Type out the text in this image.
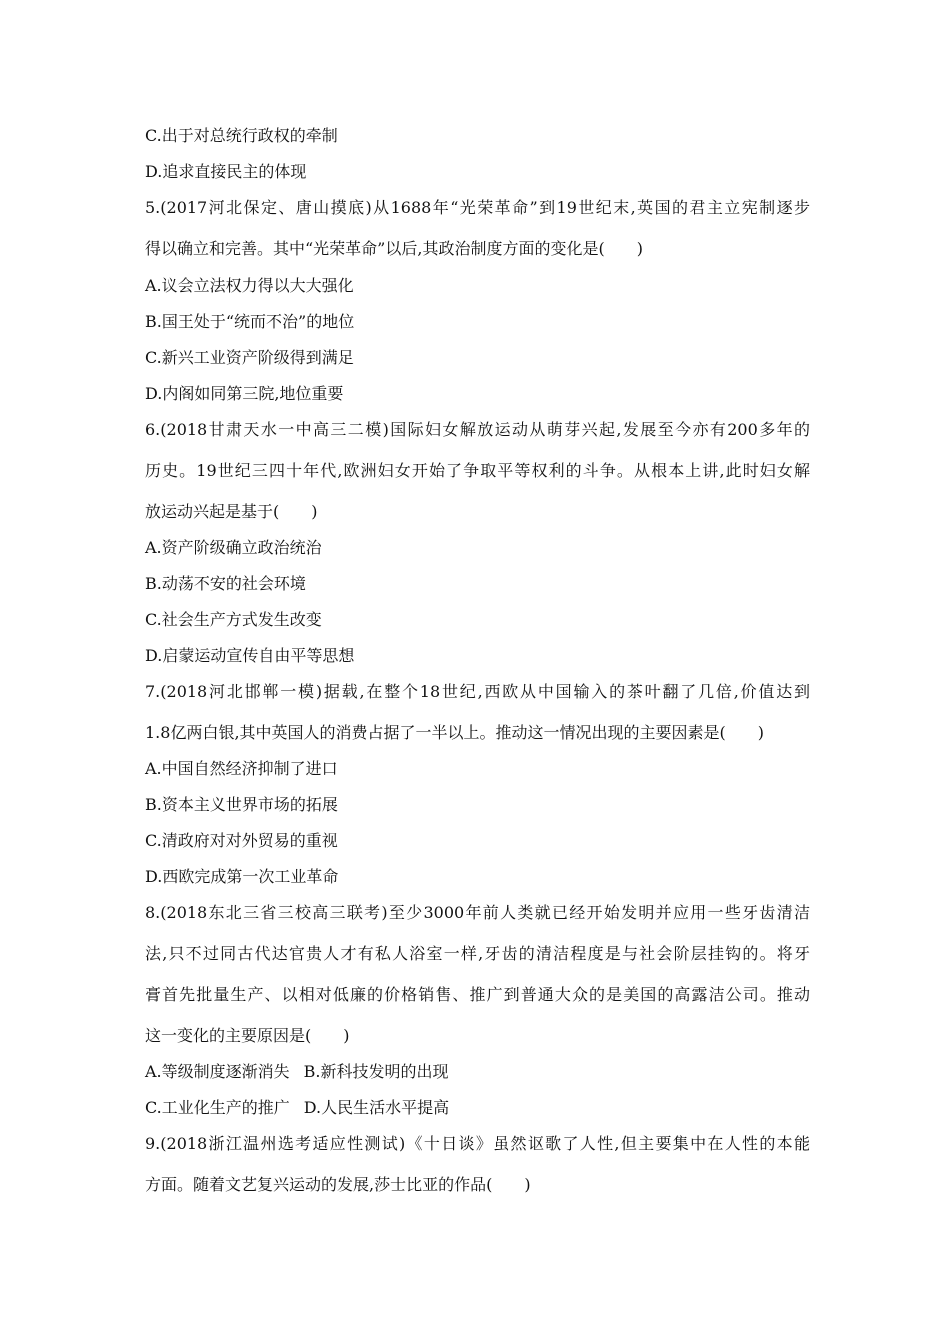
C.出于对总统行政权的牵制
D.追求直接民主的体现
5.(2017河北保定、唐山摸底)从1688年“光荣革命”到19世纪末,英国的君主立宪制逐步
得以确立和完善。其中“光荣革命”以后,其政治制度方面的变化是(　　)
A.议会立法权力得以大大强化
B.国王处于“统而不治”的地位
C.新兴工业资产阶级得到满足
D.内阁如同第三院,地位重要
6.(2018甘肃天水一中高三二模)国际妇女解放运动从萌芽兴起,发展至今亦有200多年的
历史。19世纪三四十年代,欧洲妇女开始了争取平等权利的斗争。从根本上讲,此时妇女解
放运动兴起是基于(　　)
A.资产阶级确立政治统治
B.动荡不安的社会环境
C.社会生产方式发生改变
D.启蒙运动宣传自由平等思想
7.(2018河北邯郸一模)据载,在整个18世纪,西欧从中国输入的茶叶翻了几倍,价值达到
1.8亿两白银,其中英国人的消费占据了一半以上。推动这一情况出现的主要因素是(　　)
A.中国自然经济抑制了进口
B.资本主义世界市场的拓展
C.清政府对对外贸易的重视
D.西欧完成第一次工业革命
8.(2018东北三省三校高三联考)至少3000年前人类就已经开始发明并应用一些牙齿清洁
法,只不过同古代达官贵人才有私人浴室一样,牙齿的清洁程度是与社会阶层挂钩的。将牙
膏首先批量生产、以相对低廉的价格销售、推广到普通大众的是美国的高露洁公司。推动
这一变化的主要原因是(　　)
A.等级制度逐渐消失 B.新科技发明的出现
C.工业化生产的推广 D.人民生活水平提高
9.(2018浙江温州选考适应性测试)《十日谈》虽然讴歌了人性,但主要集中在人性的本能
方面。随着文艺复兴运动的发展,莎士比亚的作品(　　)
